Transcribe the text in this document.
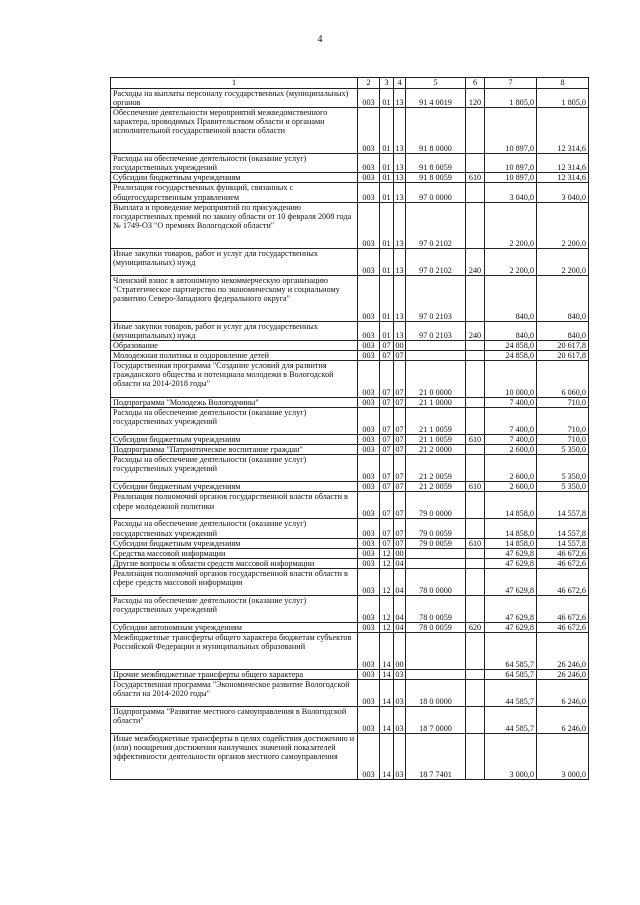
4
1	2	3	4	5	6	7	8
Расходы на выплаты персоналу государственных (муниципальных) органов	003	01	13	91 4 0019	120	1 805,0	1 805,0
Обеспечение деятельности мероприятий межведомственного характера, проводимых Правительством области и органами исполнительной государственной власти области	003	01	13	91 8 0000		10 897,0	12 314,6
Расходы на обеспечение деятельности (оказание услуг) государственных учреждений	003	01	13	91 8 0059		10 897,0	12 314,6
Субсидии бюджетным учреждениям	003	01	13	91 8 0059	610	10 897,0	12 314,6
Реализация государственных функций, связанных с общегосударственным управлением	003	01	13	97 0 0000		3 040,0	3 040,0
Выплата и проведение мероприятий по присуждению государственных премий по закону области от 10 февраля 2008 года № 1749-ОЗ "О премиях Вологодской области"	003	01	13	97 0 2102		2 200,0	2 200,0
Иные закупки товаров, работ и услуг для государственных (муниципальных) нужд	003	01	13	97 0 2102	240	2 200,0	2 200,0
Членский взнос в автономную некоммерческую организацию "Стратегическое партнерство по экономическому и социальному развитию Северо-Западного федерального округа"	003	01	13	97 0 2103		840,0	840,0
Иные закупки товаров, работ и услуг для государственных (муниципальных) нужд	003	01	13	97 0 2103	240	840,0	840,0
Образование	003	07	00			24 858,0	20 617,8
Молодежная политика и оздоровление детей	003	07	07			24 858,0	20 617,8
Государственная программа "Создание условий для развития гражданского общества и потенциала молодежи в Вологодской области на 2014-2018 годы"	003	07	07	21 0 0000		10 000,0	6 060,0
Подпрограмма "Молодежь Вологодчины"	003	07	07	21 1 0000		7 400,0	710,0
Расходы на обеспечение деятельности (оказание услуг) государственных учреждений	003	07	07	21 1 0059		7 400,0	710,0
Субсидии бюджетным учреждениям	003	07	07	21 1 0059	610	7 400,0	710,0
Подпрограмма "Патриотическое воспитание граждан"	003	07	07	21 2 0000		2 600,0	5 350,0
Расходы на обеспечение деятельности (оказание услуг) государственных учреждений	003	07	07	21 2 0059		2 600,0	5 350,0
Субсидии бюджетным учреждениям	003	07	07	21 2 0059	610	2 600,0	5 350,0
Реализация полномочий органов государственной власти области в сфере молодежной политики	003	07	07	79 0 0000		14 858,0	14 557,8
Расходы на обеспечение деятельности (оказание услуг) государственных учреждений	003	07	07	79 0 0059		14 858,0	14 557,8
Субсидии бюджетным учреждениям	003	07	07	79 0 0059	610	14 858,0	14 557,8
Средства массовой информации	003	12	00			47 629,8	46 672,6
Другие вопросы в области средств массовой информации	003	12	04			47 629,8	46 672,6
Реализация полномочий органов государственной власти области в сфере средств массовой информации	003	12	04	78 0 0000		47 629,8	46 672,6
Расходы на обеспечение деятельности (оказание услуг) государственных учреждений	003	12	04	78 0 0059		47 629,8	46 672,6
Субсидии автономным учреждениям	003	12	04	78 0 0059	620	47 629,8	46 672,6
Межбюджетные трансферты общего характера бюджетам субъектов Российской Федерации и муниципальных образований	003	14	00			64 585,7	26 246,0
Прочие межбюджетные трансферты общего характера	003	14	03			64 585,7	26 246,0
Государственная программа "Экономическое развитие Вологодской области на 2014-2020 годы"	003	14	03	18 0 0000		44 585,7	6 246,0
Подпрограмма "Развитие местного самоуправления в Вологодской области"	003	14	03	18 7 0000		44 585,7	6 246,0
Иные межбюджетные трансферты в целях содействия достижению и (или) поощрения достижения наилучших значений показателей эффективности деятельности органов местного самоуправления	003	14	03	18 7 7401		3 000,0	3 000,0
